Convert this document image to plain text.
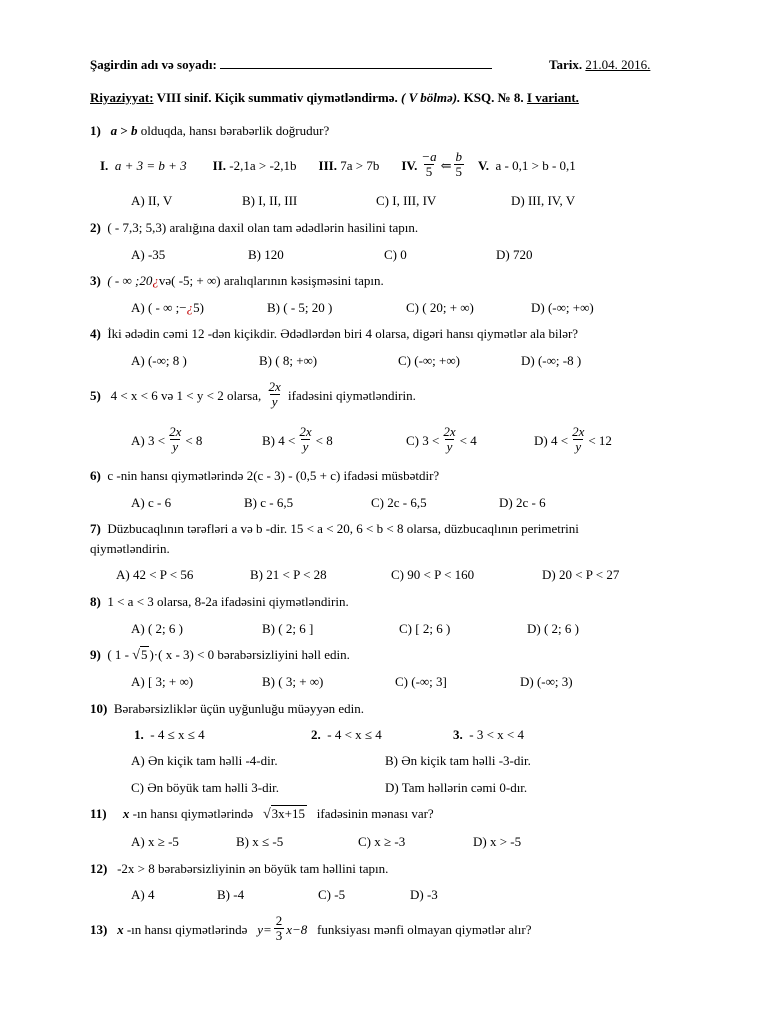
Şagirdin adı və soyadı:	Tarix. 21.04. 2016.
Riyaziyyat: VIII sinif. Kiçik summativ qiymətləndirmə. ( V bölmə). KSQ. № 8. I variant.
1) a > b olduqda, hansı bərabərlik doğrudur?
I.
a + 3 = b + 3 II.
-2,1a > -2,1b III.
7a > 7b IV. $\frac{-a}{5}$ ⇐ $\frac{b}{5} V$.
a - 0,1 > b - 0,1
A) II, V	B) I, II, III	C) I, III, IV	D) III, IV, V
2) ( - 7,3; 5,3) aralığına daxil olan tam ədədlərin hasilini tapın.
A) -35	B) 120	C) 0	D) 720
3) ( - ∞ ;20¿və( -5; + ∞) aralıqlarının kəsişməsini tapın.
A) ( - ∞ ;−¿5)	B) ( - 5; 20 )	C) ( 20; + ∞)	D) (-∞; +∞)
4) İki ədədin cəmi 12 -dən kiçikdir. Ədədlərdən biri 4 olarsa, digəri hansı qiymətlər ala bilər?
A) (-∞; 8 )	B) ( 8; +∞)	C) (-∞; +∞)	D) (-∞; -8 )
5)
4 < x < 6 və 1 < y < 2 olarsa,
$\frac{2x}{y}$
ifadəsini qiymətləndirin.
A) $3 < \frac{2x}{y} < 8$	B) $4 < \frac{2x}{y} < 8$	C) $3 < \frac{2x}{y} < 4$	D) $4 < \frac{2x}{y} < 12$
6) c -nin hansı qiymətlərində 2(c - 3) - (0,5 + c) ifadəsi müsbətdir?
A) c - 6	B) c - 6,5	C) 2c - 6,5	D) 2c - 6
7) Düzbucaqlının tərəfləri a və b -dir. 15 < a < 20, 6 < b < 8 olarsa, düzbucaqlının perimetrini
qiymətləndirin.
A) 42 < P < 56	B) 21 < P < 28	C) 90 < P < 160	D) 20 < P < 27
8) 1 < a < 3 olarsa, 8-2a ifadəsini qiymətləndirin.
A) ( 2; 6 )	B) ( 2; 6 ]	C) [ 2; 6 )	D) ( 2; 6 )
9) ( 1 - √5 )·( x - 3) < 0 bərabərsizliyini həll edin.
A) [ 3; + ∞)	B) ( 3; + ∞)	C) (-∞; 3]	D) (-∞; 3)
10) Bərabərsizliklər üçün uyğunluğu müəyyən edin.
1.  - 4 ≤ x ≤ 4	2.  - 4 < x ≤ 4	3.  - 3 < x < 4
A) Ən kiçik tam həlli -4-dir.	B) Ən kiçik tam həlli -3-dir.
C) Ən böyük tam həlli 3-dir.	D) Tam həllərin cəmi 0-dır.
11) x -ın hansı qiymətlərində √3x+15 ifadəsinin mənası var?
A) x ≥ -5	B) x ≤ -5	C) x ≥ -3	D) x > -5
12) -2x > 8 bərabərsizliyinin ən böyük tam həllini tapın.
A) 4	B) -4	C) -5	D) -3
13)
x
-ın hansı qiymətlərində
$y= \frac{2}{3} x-8$
funksiyası mənfi olmayan qiymətlər alır?
